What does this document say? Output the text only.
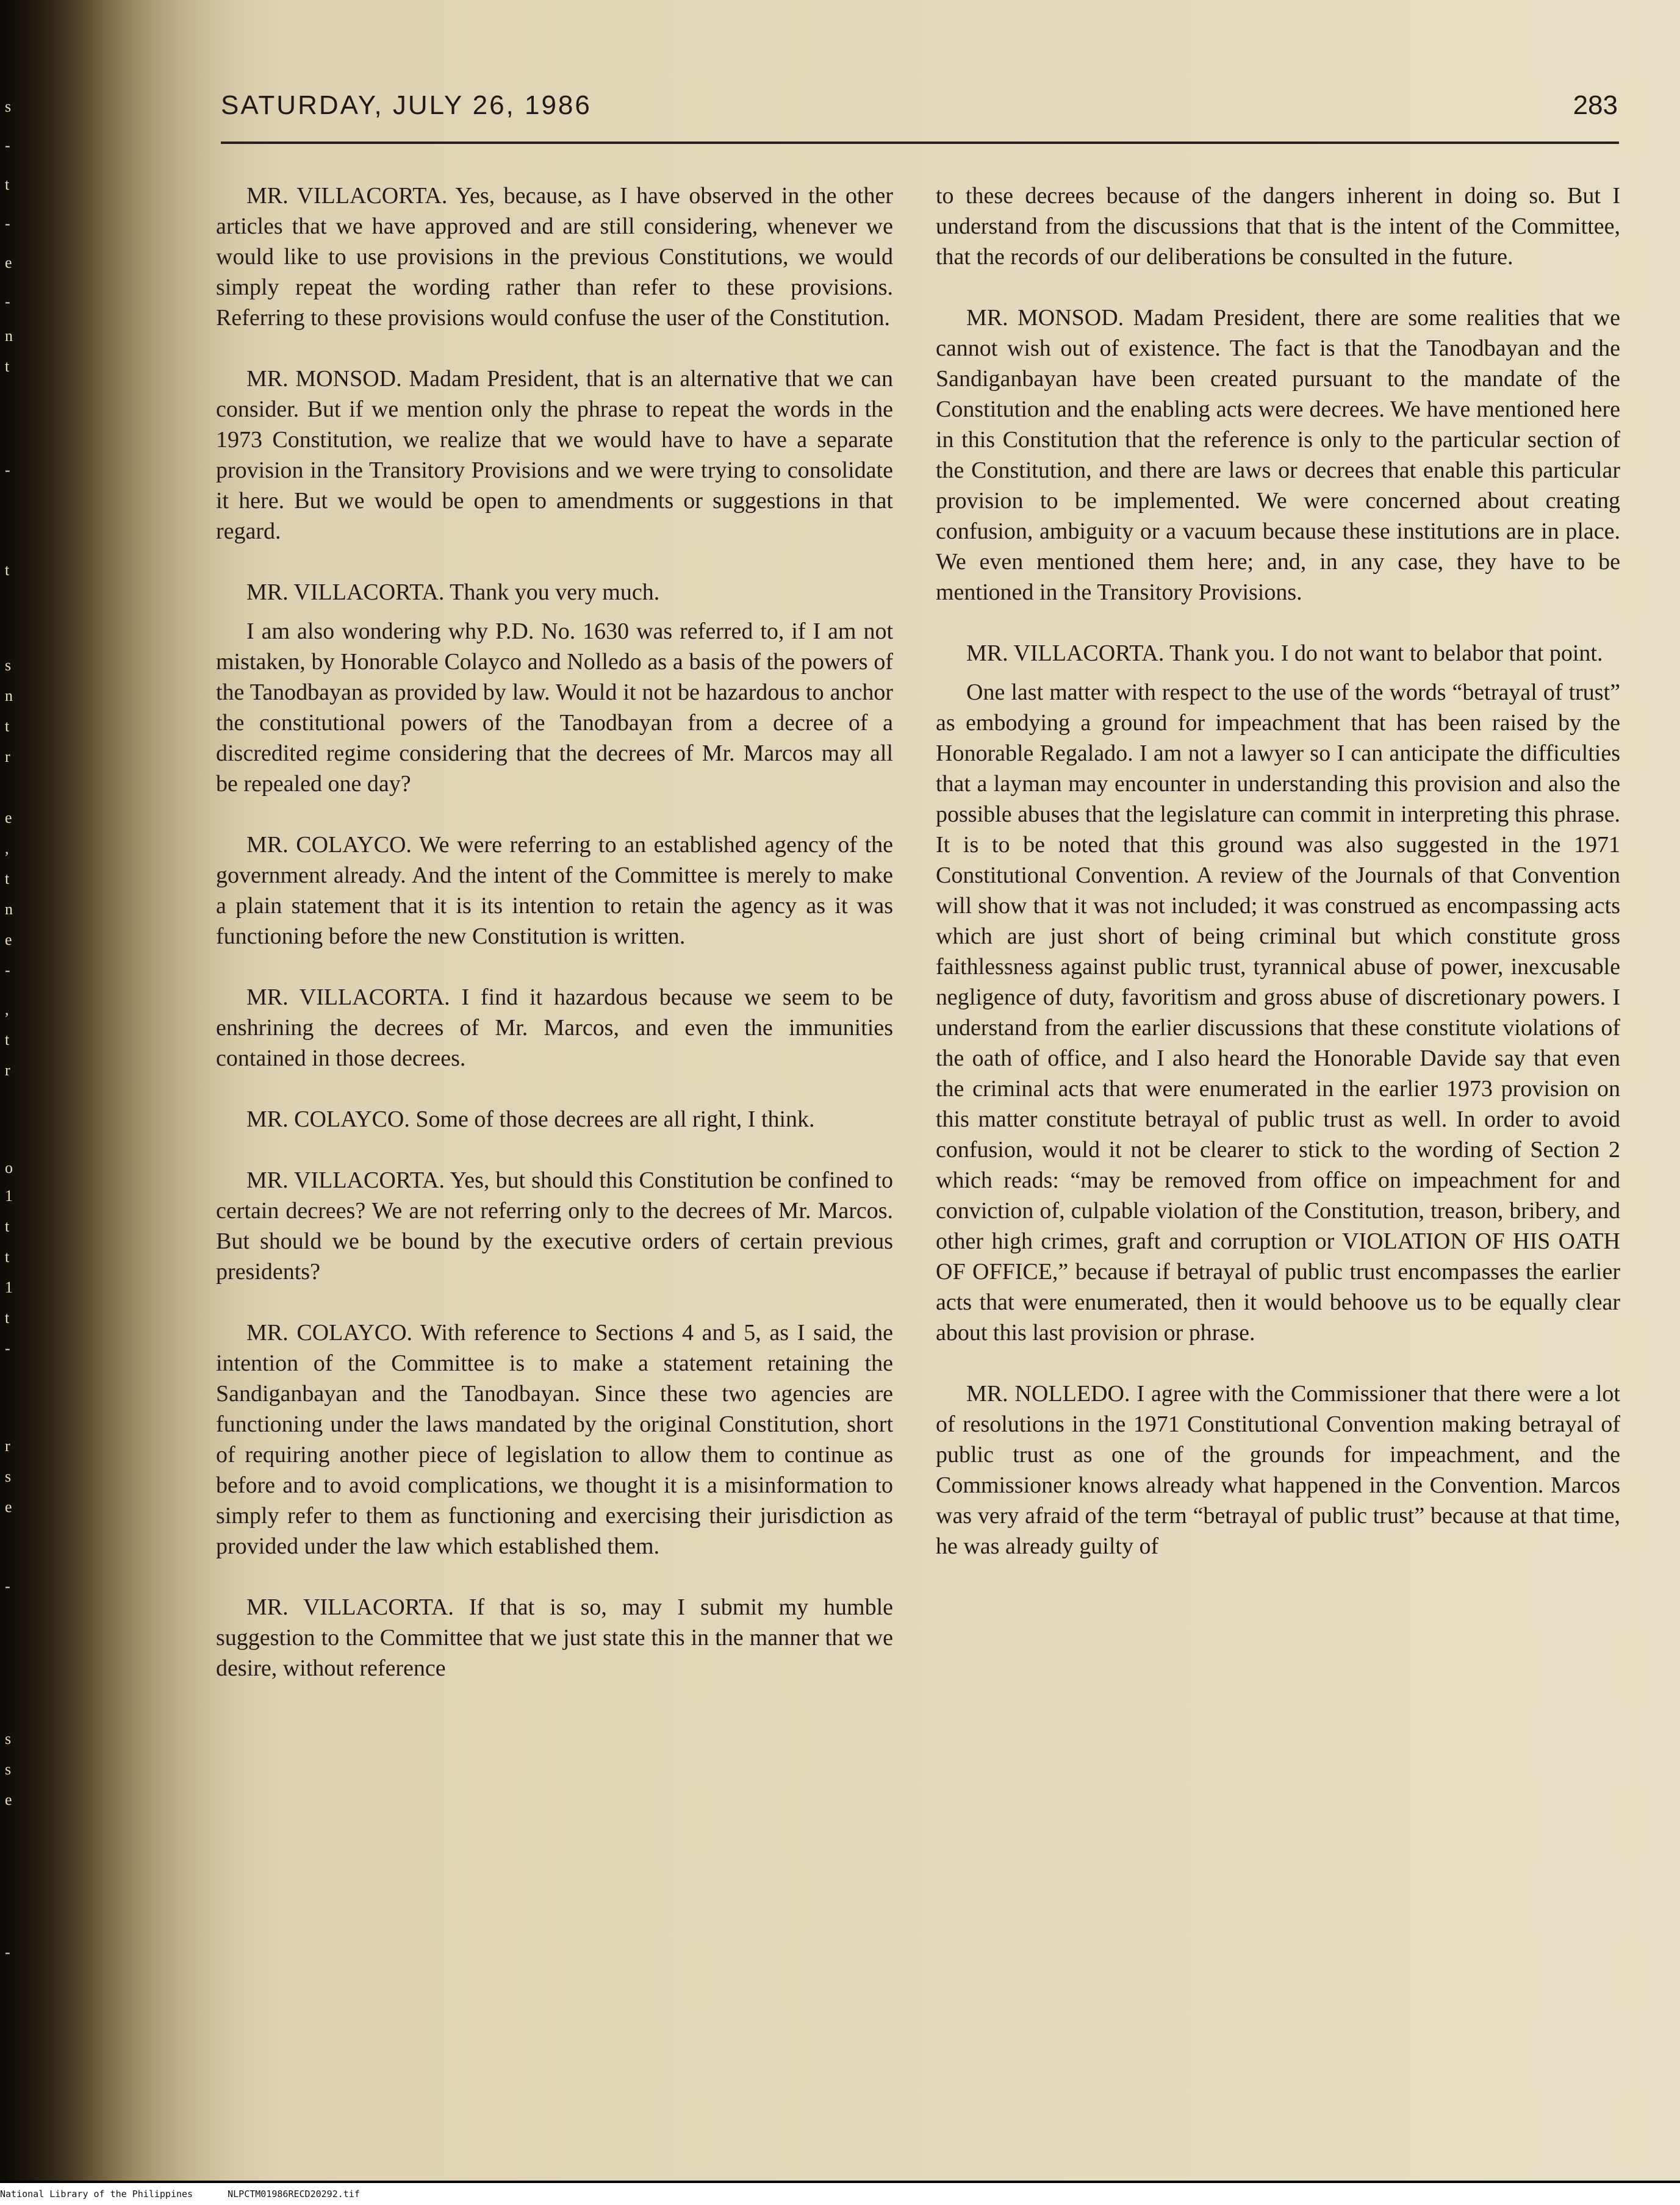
s
-
t
-
e
-
n
t
-
t
s
n
t
r
e
,
t
n
e
-
,
t
r
o
1
t
t
1
t
-
r
s
e
-
s
s
e
-
SATURDAY, JULY 26, 1986	283

MR. VILLACORTA. Yes, because, as I have observed in the other articles that we have approved and are still considering, whenever we would like to use provisions in the previous Constitutions, we would simply repeat the wording rather than refer to these provisions. Referring to these provisions would confuse the user of the Constitution.

MR. MONSOD. Madam President, that is an alternative that we can consider. But if we mention only the phrase to repeat the words in the 1973 Constitution, we realize that we would have to have a separate provision in the Transitory Provisions and we were trying to consolidate it here. But we would be open to amendments or suggestions in that regard.

MR. VILLACORTA. Thank you very much.

I am also wondering why P.D. No. 1630 was referred to, if I am not mistaken, by Honorable Colayco and Nolledo as a basis of the powers of the Tanodbayan as provided by law. Would it not be hazardous to anchor the constitutional powers of the Tanodbayan from a decree of a discredited regime considering that the decrees of Mr. Marcos may all be repealed one day?

MR. COLAYCO. We were referring to an established agency of the government already. And the intent of the Committee is merely to make a plain statement that it is its intention to retain the agency as it was functioning before the new Constitution is written.

MR. VILLACORTA. I find it hazardous because we seem to be enshrining the decrees of Mr. Marcos, and even the immunities contained in those decrees.

MR. COLAYCO. Some of those decrees are all right, I think.

MR. VILLACORTA. Yes, but should this Constitution be confined to certain decrees? We are not referring only to the decrees of Mr. Marcos. But should we be bound by the executive orders of certain previous presidents?

MR. COLAYCO. With reference to Sections 4 and 5, as I said, the intention of the Committee is to make a statement retaining the Sandiganbayan and the Tanodbayan. Since these two agencies are functioning under the laws mandated by the original Constitution, short of requiring another piece of legislation to allow them to continue as before and to avoid complications, we thought it is a misinformation to simply refer to them as functioning and exercising their jurisdiction as provided under the law which established them.

MR. VILLACORTA. If that is so, may I submit my humble suggestion to the Committee that we just state this in the manner that we desire, without reference

to these decrees because of the dangers inherent in doing so. But I understand from the discussions that that is the intent of the Committee, that the records of our deliberations be consulted in the future.

MR. MONSOD. Madam President, there are some realities that we cannot wish out of existence. The fact is that the Tanodbayan and the Sandiganbayan have been created pursuant to the mandate of the Constitution and the enabling acts were decrees. We have mentioned here in this Constitution that the reference is only to the particular section of the Constitution, and there are laws or decrees that enable this particular provision to be implemented. We were concerned about creating confusion, ambiguity or a vacuum because these institutions are in place. We even mentioned them here; and, in any case, they have to be mentioned in the Transitory Provisions.

MR. VILLACORTA. Thank you. I do not want to belabor that point.

One last matter with respect to the use of the words “betrayal of trust” as embodying a ground for impeachment that has been raised by the Honorable Regalado. I am not a lawyer so I can anticipate the difficulties that a layman may encounter in understanding this provision and also the possible abuses that the legislature can commit in interpreting this phrase. It is to be noted that this ground was also suggested in the 1971 Constitutional Convention. A review of the Journals of that Convention will show that it was not included; it was construed as encompassing acts which are just short of being criminal but which constitute gross faithlessness against public trust, tyrannical abuse of power, inexcusable negligence of duty, favoritism and gross abuse of discretionary powers. I understand from the earlier discussions that these constitute violations of the oath of office, and I also heard the Honorable Davide say that even the criminal acts that were enumerated in the earlier 1973 provision on this matter constitute betrayal of public trust as well. In order to avoid confusion, would it not be clearer to stick to the wording of Section 2 which reads: “may be removed from office on impeachment for and conviction of, culpable violation of the Constitution, treason, bribery, and other high crimes, graft and corruption or VIOLATION OF HIS OATH OF OFFICE,” because if betrayal of public trust encompasses the earlier acts that were enumerated, then it would behoove us to be equally clear about this last provision or phrase.

MR. NOLLEDO. I agree with the Commissioner that there were a lot of resolutions in the 1971 Constitutional Convention making betrayal of public trust as one of the grounds for impeachment, and the Commissioner knows already what happened in the Convention. Marcos was very afraid of the term “betrayal of public trust” because at that time, he was already guilty of

National Library of the Philippines	NLPCTM01986RECD20292.tif
